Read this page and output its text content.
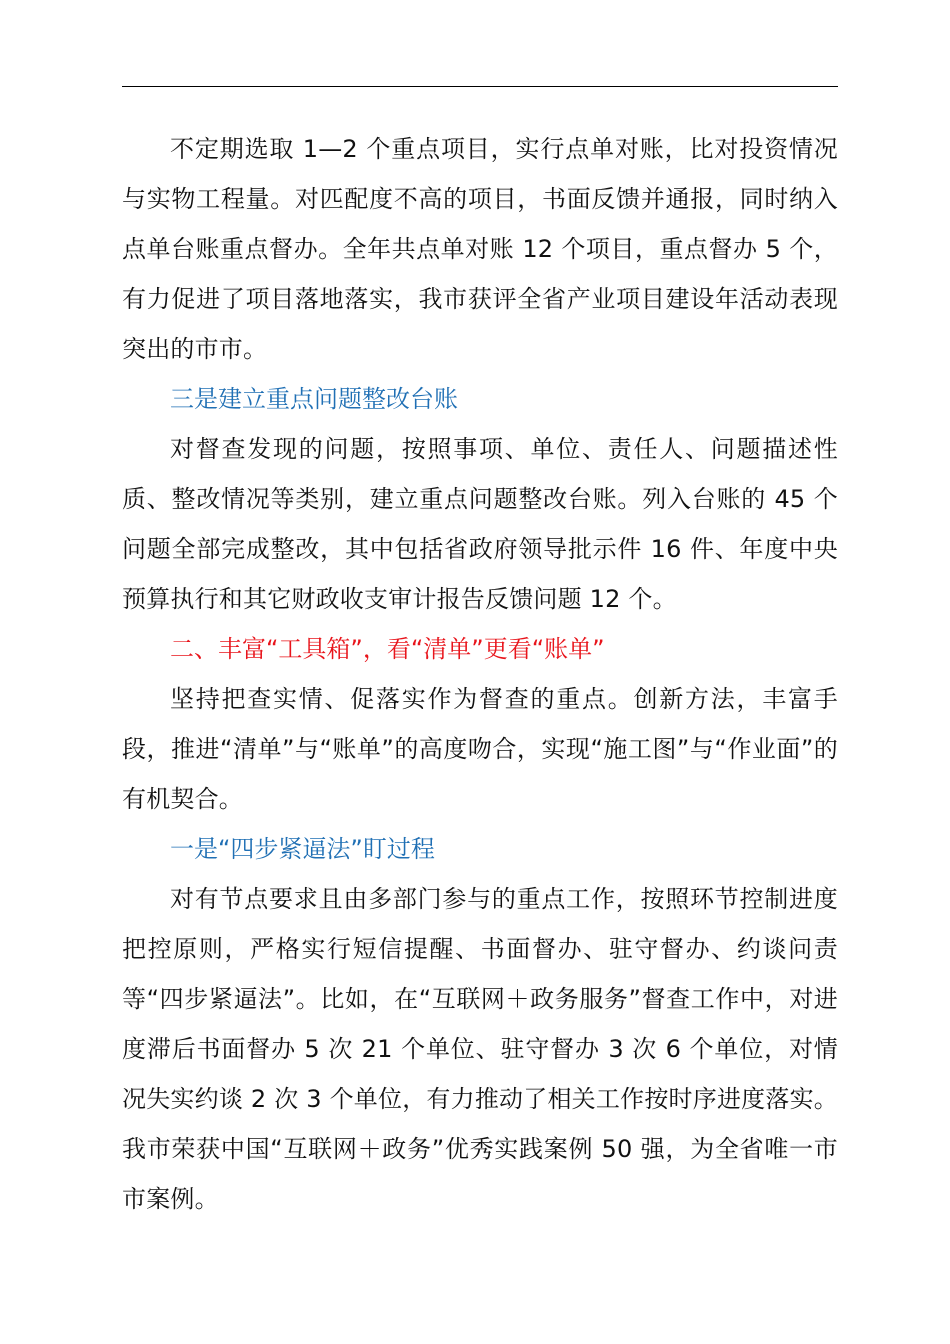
不定期选取 1—2 个重点项目，实行点单对账，比对投资情况与实物工程量。对匹配度不高的项目，书面反馈并通报，同时纳入点单台账重点督办。全年共点单对账 12 个项目，重点督办 5 个，有力促进了项目落地落实，我市获评全省产业项目建设年活动表现突出的市市。

三是建立重点问题整改台账

对督查发现的问题，按照事项、单位、责任人、问题描述性质、整改情况等类别，建立重点问题整改台账。列入台账的 45 个问题全部完成整改，其中包括省政府领导批示件 16 件、年度中央预算执行和其它财政收支审计报告反馈问题 12 个。

二、丰富“工具箱”，看“清单”更看“账单”

坚持把查实情、促落实作为督查的重点。创新方法，丰富手段，推进“清单”与“账单”的高度吻合，实现“施工图”与“作业面”的有机契合。

一是“四步紧逼法”盯过程

对有节点要求且由多部门参与的重点工作，按照环节控制进度把控原则，严格实行短信提醒、书面督办、驻守督办、约谈问责等“四步紧逼法”。比如，在“互联网＋政务服务”督查工作中，对进度滞后书面督办 5 次 21 个单位、驻守督办 3 次 6 个单位，对情况失实约谈 2 次 3 个单位，有力推动了相关工作按时序进度落实。我市荣获中国“互联网＋政务”优秀实践案例 50 强，为全省唯一市市案例。
